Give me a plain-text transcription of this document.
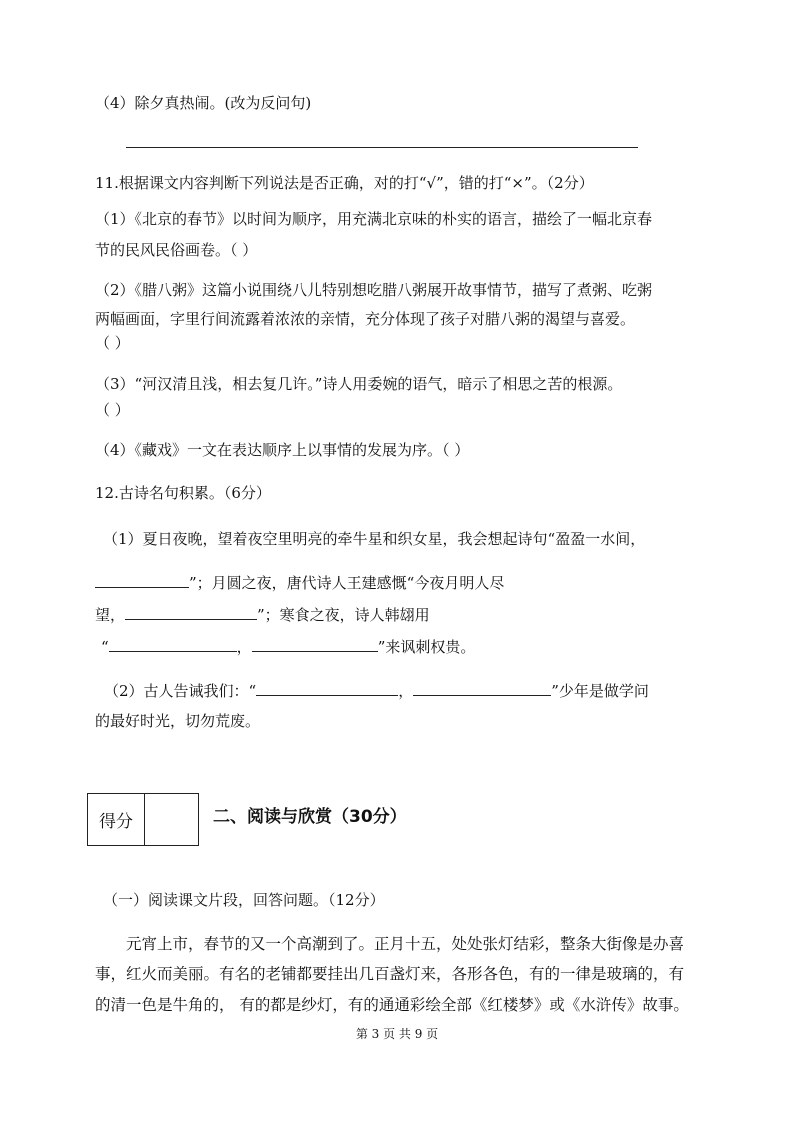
（4）除夕真热闹。(改为反问句)
11.根据课文内容判断下列说法是否正确，对的打“√”，错的打“×”。（2分）
（1）《北京的春节》以时间为顺序，用充满北京味的朴实的语言，描绘了一幅北京春
节的民风民俗画卷。（ ）
（2）《腊八粥》这篇小说围绕八儿特别想吃腊八粥展开故事情节，描写了煮粥、吃粥
两幅画面，字里行间流露着浓浓的亲情，充分体现了孩子对腊八粥的渴望与喜爱。
（ ）
（3）“河汉清且浅，相去复几许。”诗人用委婉的语气，暗示了相思之苦的根源。
（ ）
（4）《藏戏》一文在表达顺序上以事情的发展为序。（ ）
12.古诗名句积累。（6分）
（1）夏日夜晚，望着夜空里明亮的牵牛星和织女星，我会想起诗句“盈盈一水间，
”；月圆之夜，唐代诗人王建感慨“今夜月明人尽
望，	”；寒食之夜，诗人韩翃用
“	，	”来讽刺权贵。
（2）古人告诫我们：“	，	”少年是做学问
的最好时光，切勿荒废。
得分	二、阅读与欣赏（30分）
（一）阅读课文片段，回答问题。（12分）
元宵上市，春节的又一个高潮到了。正月十五，处处张灯结彩，整条大街像是办喜
事，红火而美丽。有名的老铺都要挂出几百盏灯来，各形各色，有的一律是玻璃的，有
的清一色是牛角的， 有的都是纱灯，有的通通彩绘全部《红楼梦》或《水浒传》故事。
第 3 页 共 9 页
